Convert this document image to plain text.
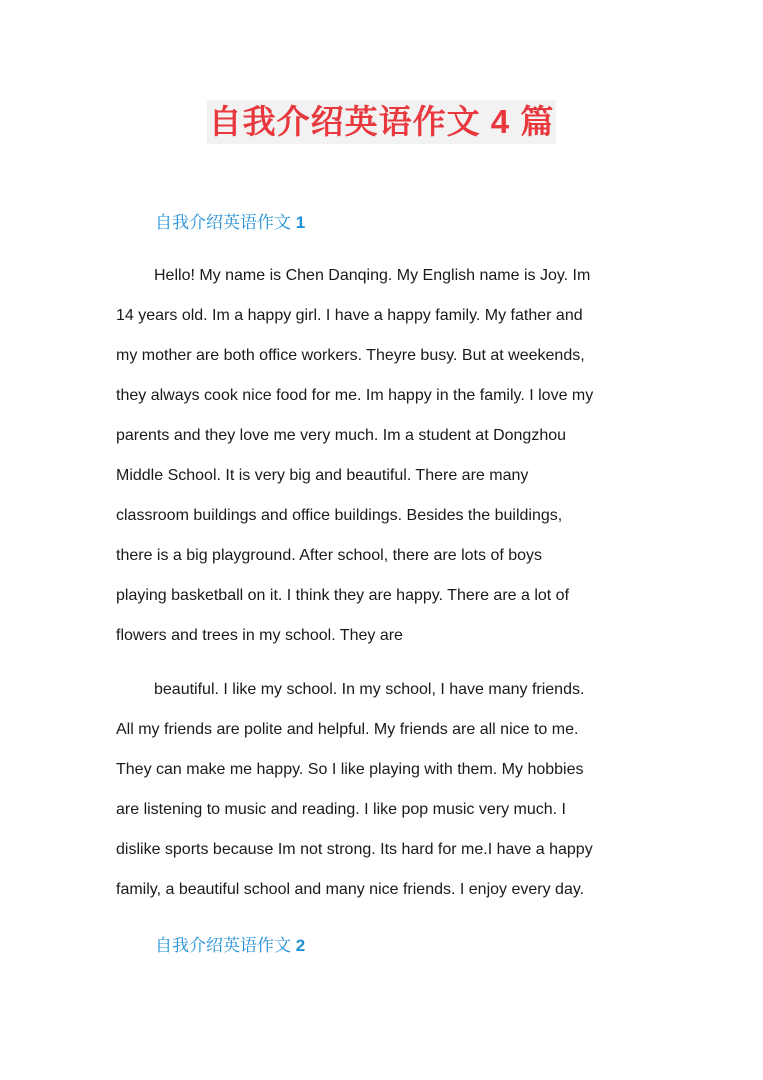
自我介绍英语作文 4 篇
自我介绍英语作文 1
Hello! My name is Chen Danqing. My English name is Joy. Im
14 years old. Im a happy girl. I have a happy family. My father and
my mother are both office workers. Theyre busy. But at weekends,
they always cook nice food for me. Im happy in the family. I love my
parents and they love me very much. Im a student at Dongzhou
Middle School. It is very big and beautiful. There are many
classroom buildings and office buildings. Besides the buildings,
there is a big playground. After school, there are lots of boys
playing basketball on it. I think they are happy. There are a lot of
flowers and trees in my school. They are
beautiful. I like my school. In my school, I have many friends.
All my friends are polite and helpful. My friends are all nice to me.
They can make me happy. So I like playing with them. My hobbies
are listening to music and reading. I like pop music very much. I
dislike sports because Im not strong. Its hard for me.I have a happy
family, a beautiful school and many nice friends. I enjoy every day.
自我介绍英语作文 2
